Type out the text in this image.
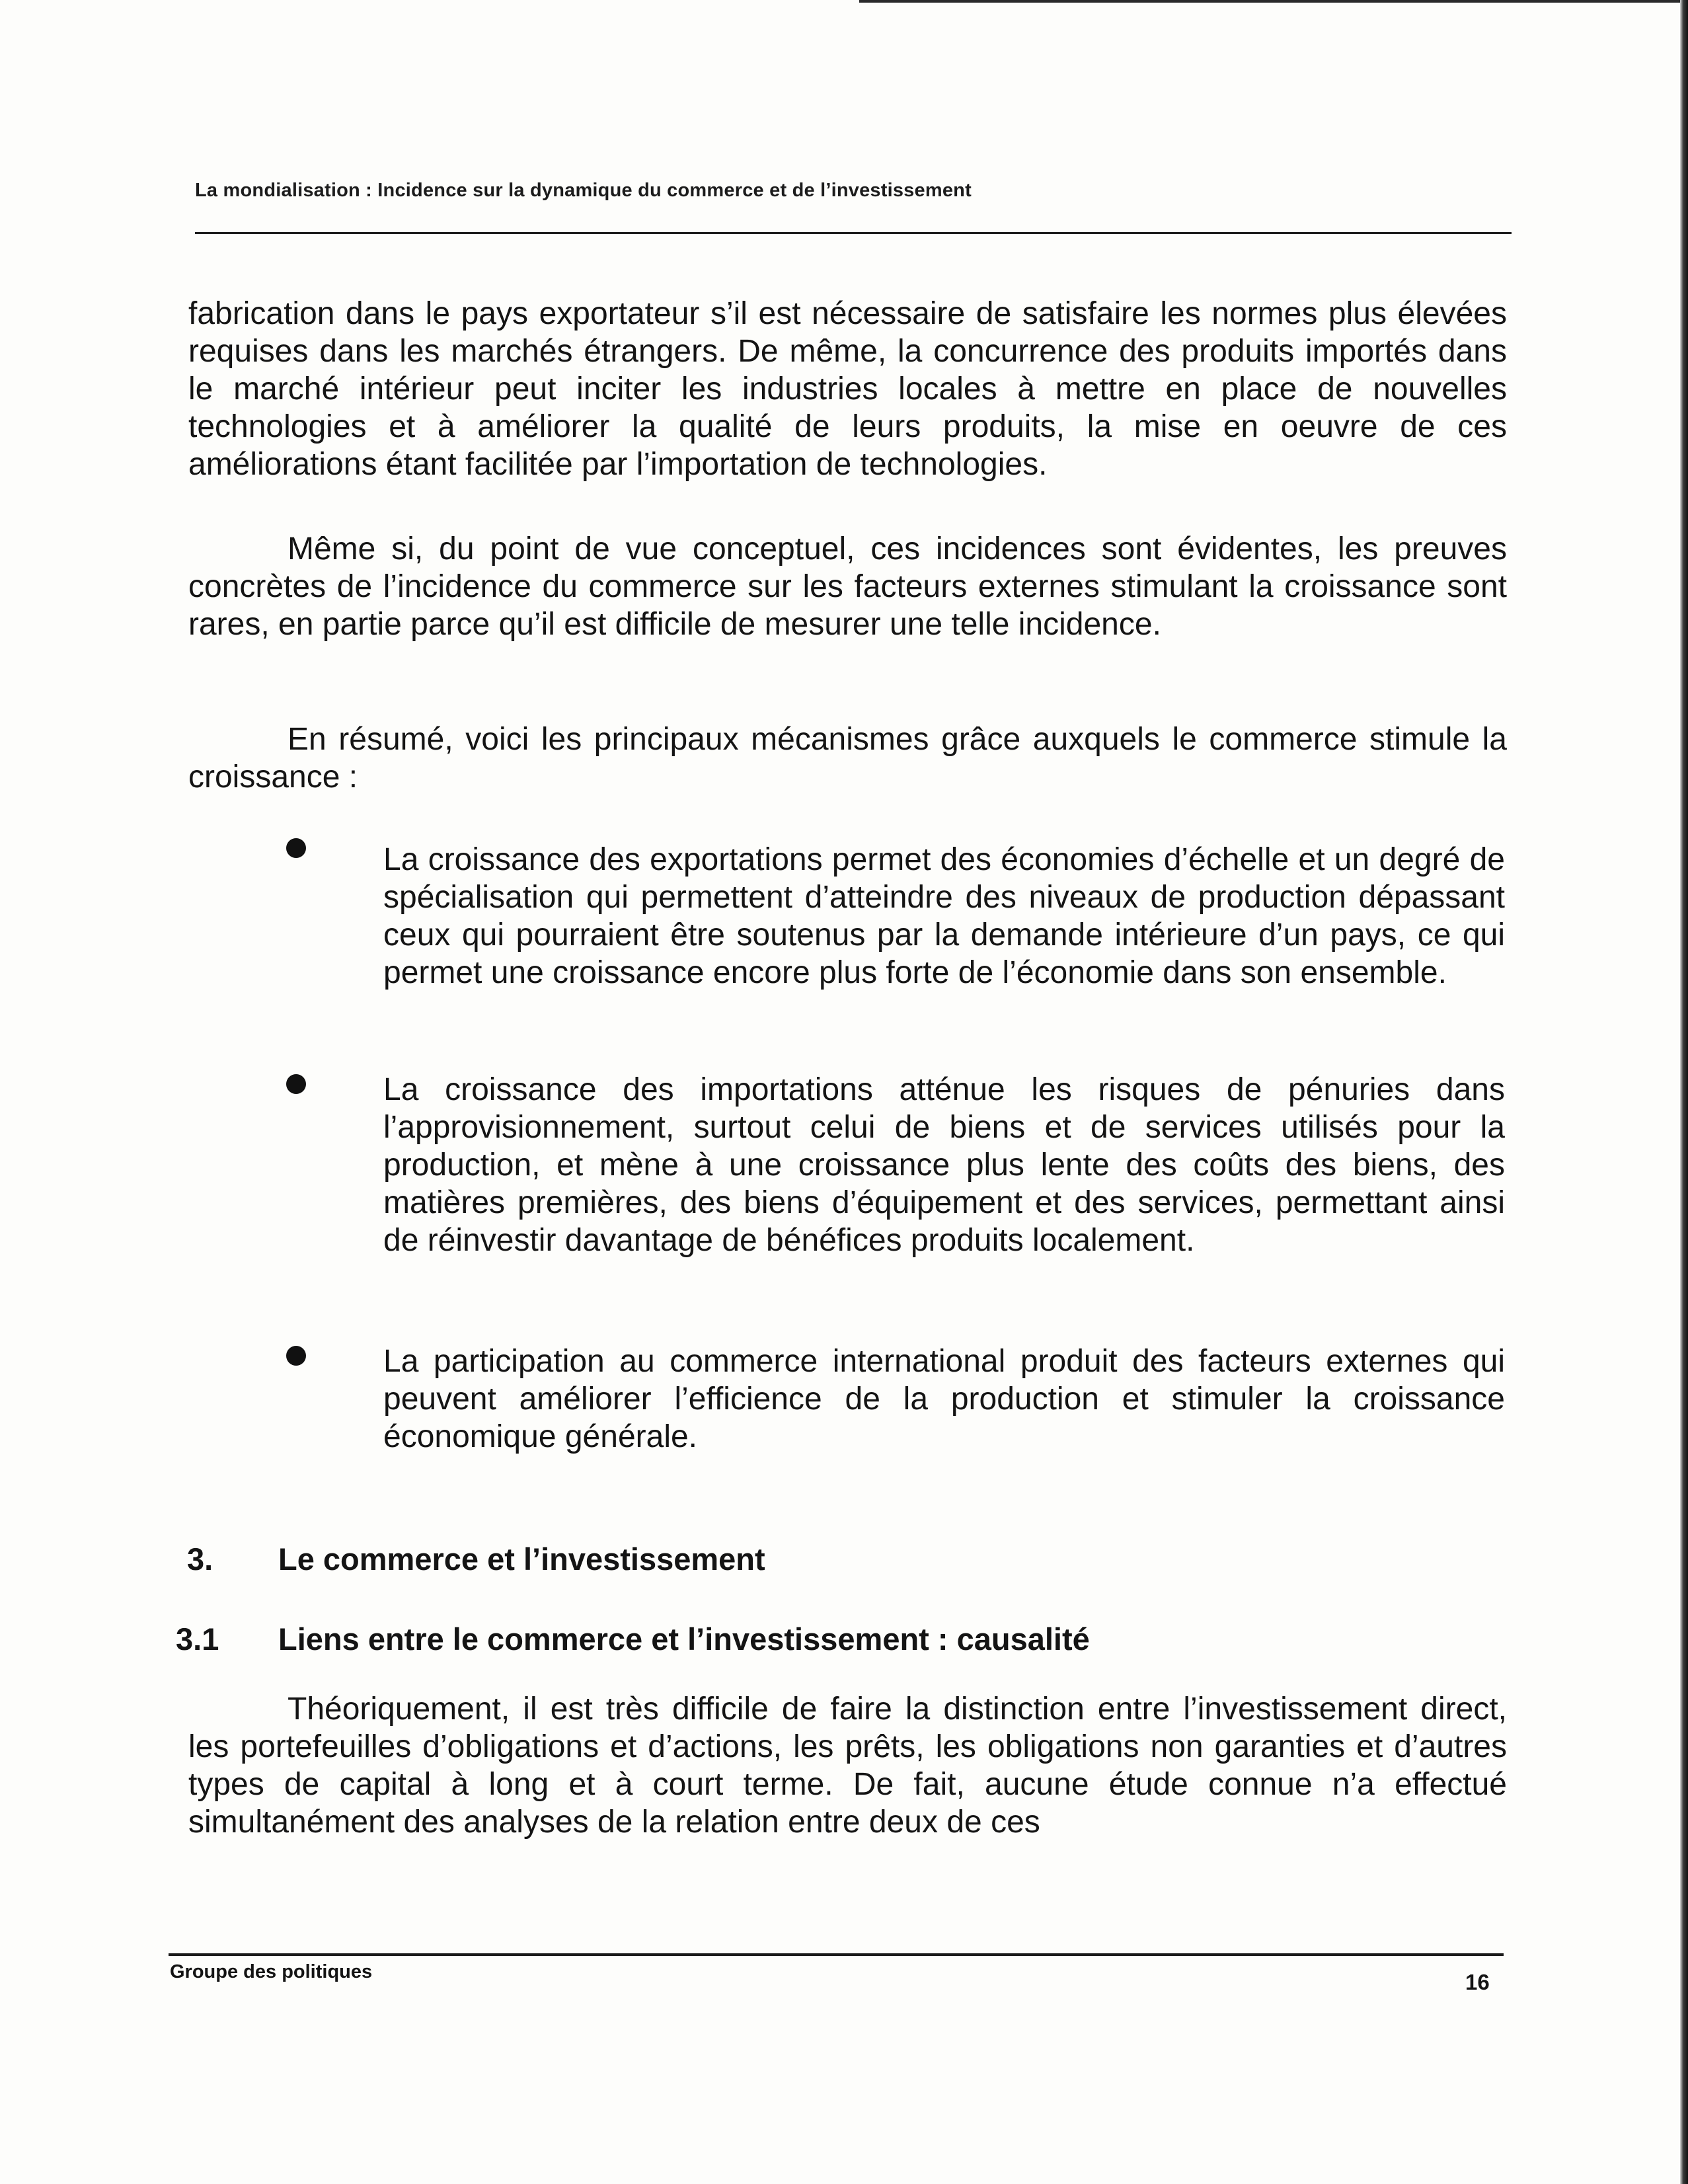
La mondialisation : Incidence sur la dynamique du commerce et de l’investissement

fabrication dans le pays exportateur s’il est nécessaire de satisfaire les normes plus élevées requises dans les marchés étrangers. De même, la concurrence des produits importés dans le marché intérieur peut inciter les industries locales à mettre en place de nouvelles technologies et à améliorer la qualité de leurs produits, la mise en oeuvre de ces améliorations étant facilitée par l’importation de technologies.

Même si, du point de vue conceptuel, ces incidences sont évidentes, les preuves concrètes de l’incidence du commerce sur les facteurs externes stimulant la croissance sont rares, en partie parce qu’il est difficile de mesurer une telle incidence.

En résumé, voici les principaux mécanismes grâce auxquels le commerce stimule la croissance :

La croissance des exportations permet des économies d’échelle et un degré de spécialisation qui permettent d’atteindre des niveaux de production dépassant ceux qui pourraient être soutenus par la demande intérieure d’un pays, ce qui permet une croissance encore plus forte de l’économie dans son ensemble.

La croissance des importations atténue les risques de pénuries dans l’approvisionnement, surtout celui de biens et de services utilisés pour la production, et mène à une croissance plus lente des coûts des biens, des matières premières, des biens d’équipement et des services, permettant ainsi de réinvestir davantage de bénéfices produits localement.

La participation au commerce international produit des facteurs externes qui peuvent améliorer l’efficience de la production et stimuler la croissance économique générale.

3. Le commerce et l’investissement
3.1 Liens entre le commerce et l’investissement : causalité

Théoriquement, il est très difficile de faire la distinction entre l’investissement direct, les portefeuilles d’obligations et d’actions, les prêts, les obligations non garanties et d’autres types de capital à long et à court terme. De fait, aucune étude connue n’a effectué simultanément des analyses de la relation entre deux de ces

Groupe des politiques	16
